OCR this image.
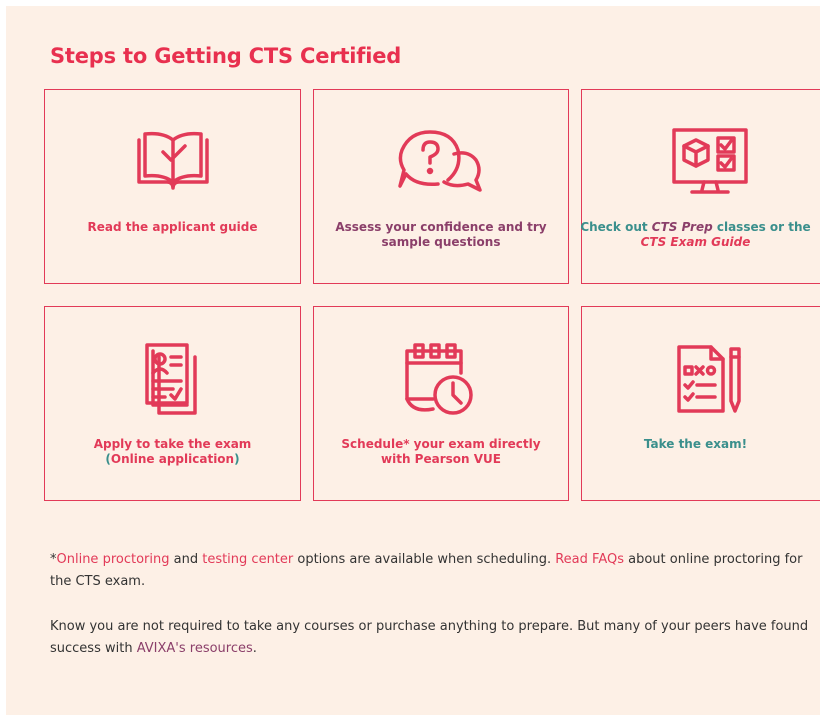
Steps to Getting CTS Certified
Read the applicant guide	Assess your confidence and try sample questions
Check out CTS Prep classes or the CTS Exam Guide
Apply to take the exam
(Online application)
Schedule* your exam directly
with Pearson VUE
Take the exam!
*Online proctoring and testing center options are available when scheduling. Read FAQs about online proctoring for the CTS exam.
Know you are not required to take any courses or purchase anything to prepare. But many of your peers have found success with AVIXA's resources.
